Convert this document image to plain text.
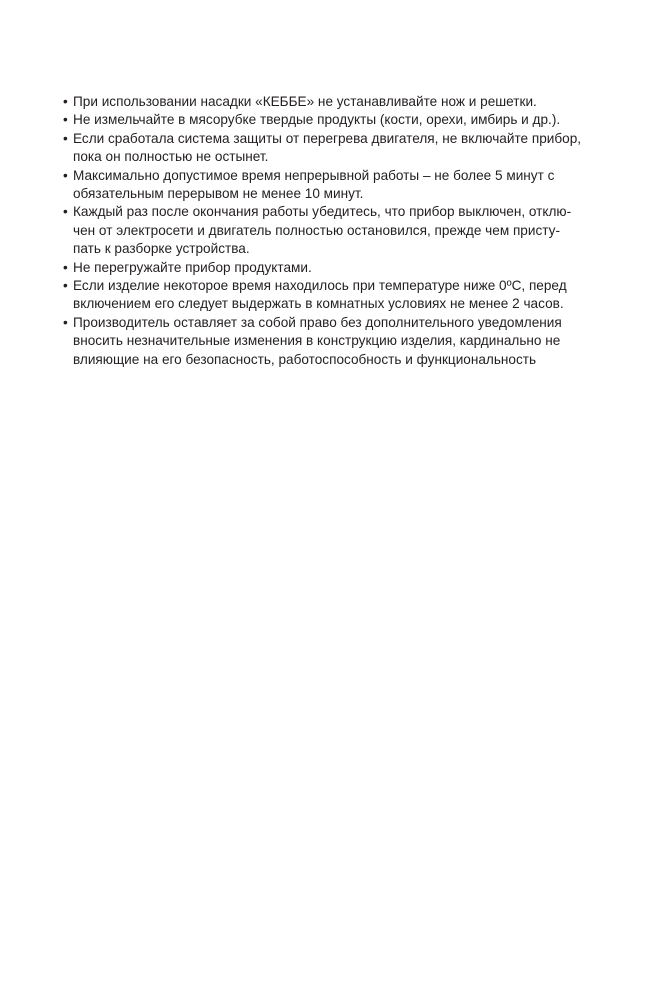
• При использовании насадки «КЕББЕ» не устанавливайте нож и решетки.
• Не измельчайте в мясорубке твердые продукты (кости, орехи, имбирь и др.).
• Если сработала система защиты от перегрева двигателя, не включайте прибор,
пока он полностью не остынет.
• Максимально допустимое время непрерывной работы – не более 5 минут с
обязательным перерывом не менее 10 минут.
• Каждый раз после окончания работы убедитесь, что прибор выключен, отклю-
чен от электросети и двигатель полностью остановился, прежде чем присту-
пать к разборке устройства.
• Не перегружайте прибор продуктами.
• Если изделие некоторое время находилось при температуре ниже 0ºС, перед
включением его следует выдержать в комнатных условиях не менее 2 часов.
• Производитель оставляет за собой право без дополнительного уведомления
вносить незначительные изменения в конструкцию изделия, кардинально не
влияющие на его безопасность, работоспособность и функциональность
